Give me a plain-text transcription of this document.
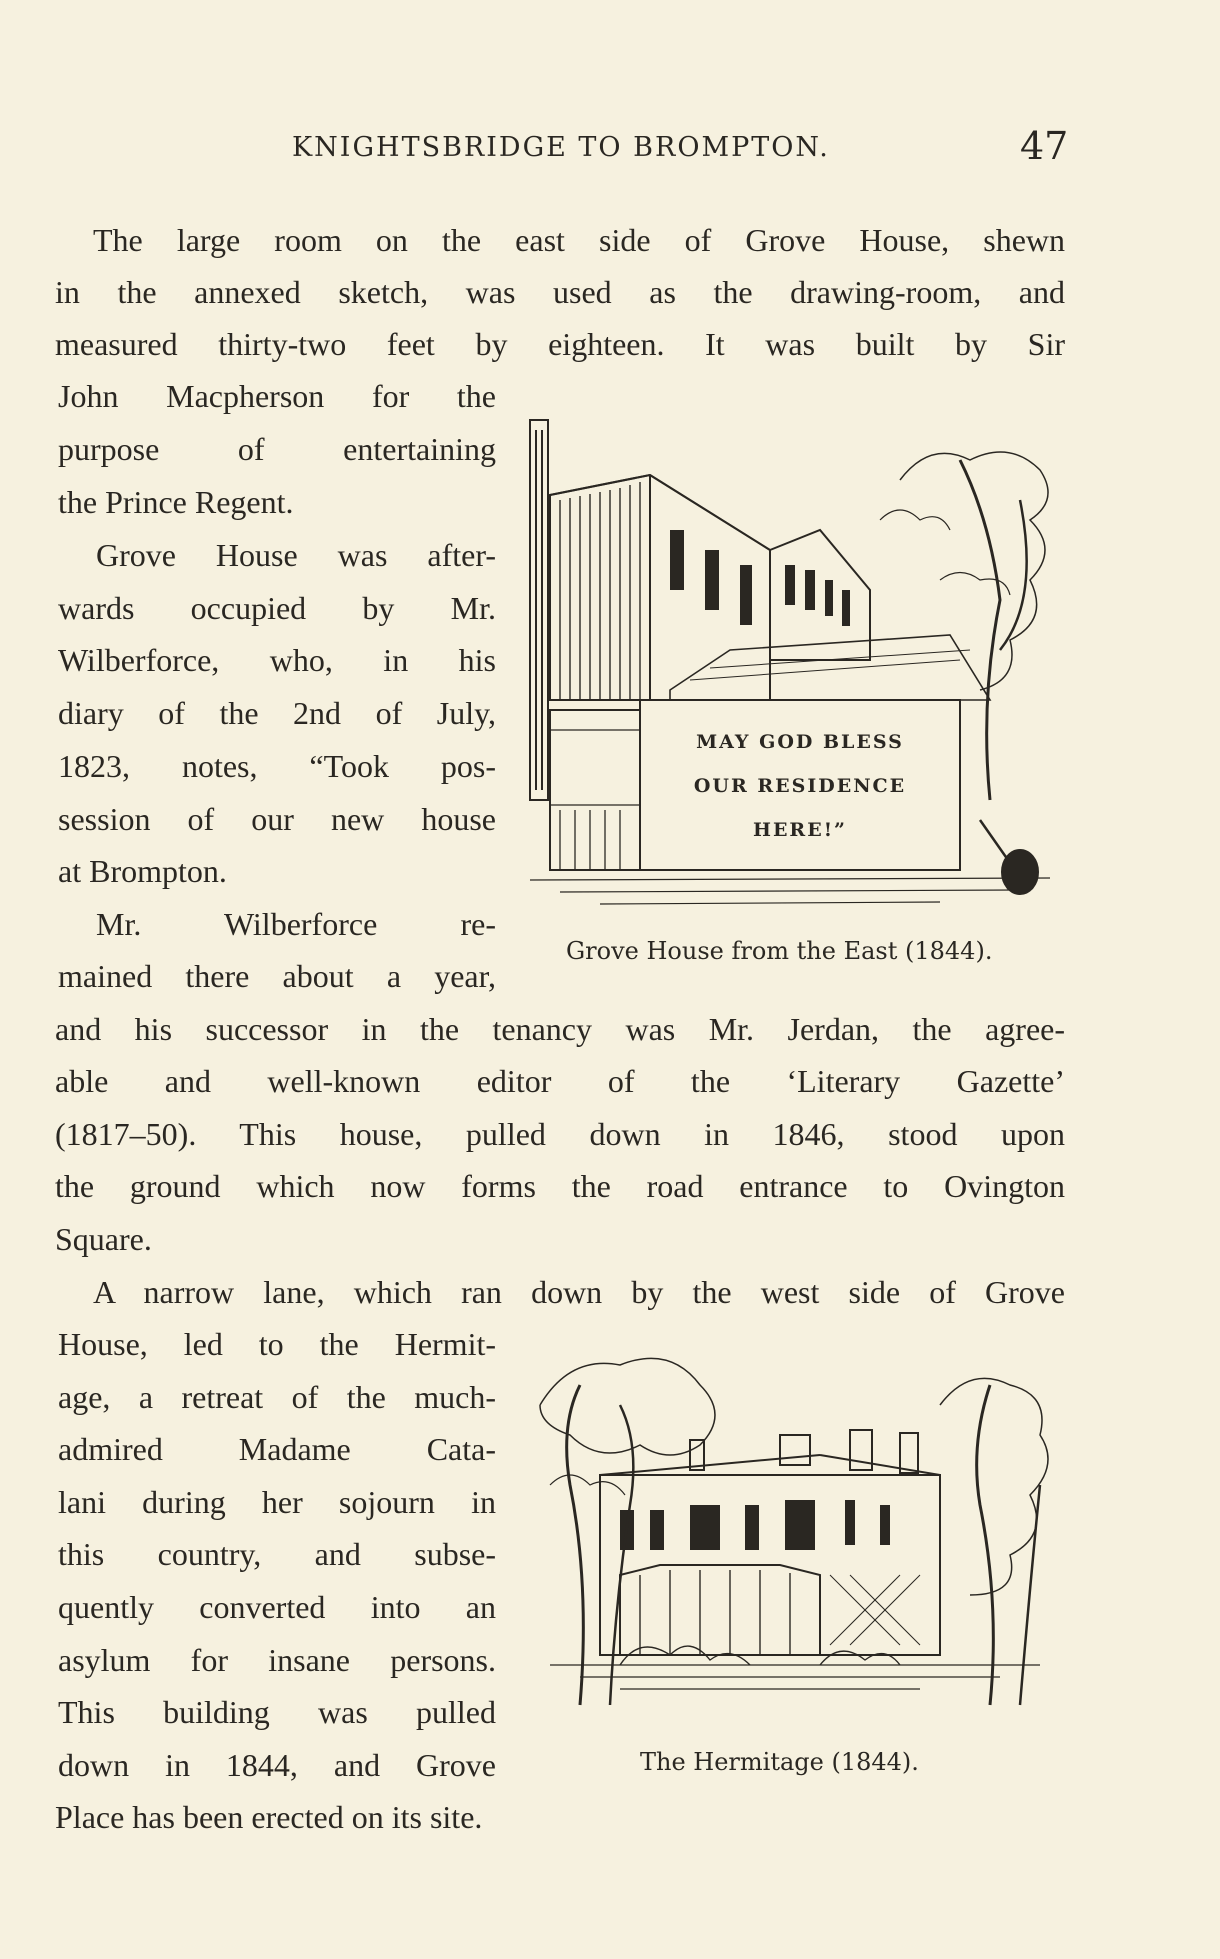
KNIGHTSBRIDGE TO BROMPTON.	47
The large room on the east side of Grove House, shewn
in the annexed sketch, was used as the drawing-room, and
measured thirty-two feet by eighteen. It was built by Sir
John Macpherson for the
purpose of entertaining
the Prince Regent.
Grove House was after-
wards occupied by Mr.
Wilberforce, who, in his
diary of the 2nd of July,
1823, notes, “Took pos-
session of our new house
at Brompton.
Mr. Wilberforce re-
mained there about a year,
and his successor in the tenancy was Mr. Jerdan, the agree-
able and well-known editor of the ‘Literary Gazette’
(1817–50). This house, pulled down in 1846, stood upon
the ground which now forms the road entrance to Ovington
Square.
A narrow lane, which ran down by the west side of Grove
House, led to the Hermit-
age, a retreat of the much-
admired Madame Cata-
lani during her sojourn in
this country, and subse-
quently converted into an
asylum for insane persons.
This building was pulled
down in 1844, and Grove
Place has been erected on its site.
MAY GOD BLESS
OUR RESIDENCE
HERE!”
Grove House from the East (1844).
The Hermitage (1844).
